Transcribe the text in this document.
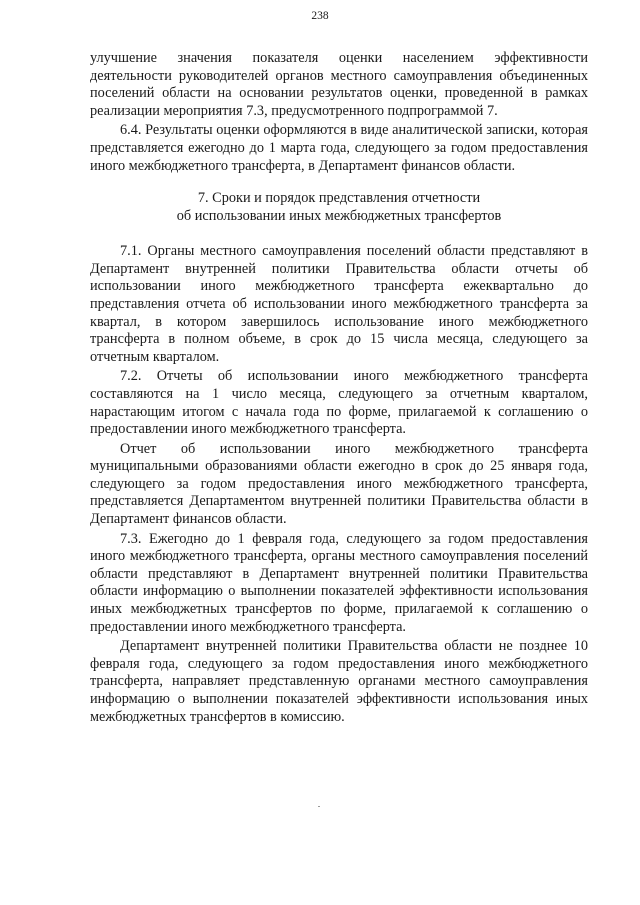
238

улучшение значения показателя оценки населением эффективности деятельности руководителей органов местного самоуправления объединенных поселений области на основании результатов оценки, проведенной в рамках реализации мероприятия 7.3, предусмотренного подпрограммой 7.

6.4. Результаты оценки оформляются в виде аналитической записки, которая представляется ежегодно до 1 марта года, следующего за годом предоставления иного межбюджетного трансферта, в Департамент финансов области.

7. Сроки и порядок представления отчетности
об использовании иных межбюджетных трансфертов

7.1. Органы местного самоуправления поселений области представляют в Департамент внутренней политики Правительства области отчеты об использовании иного межбюджетного трансферта ежеквартально до представления отчета об использовании иного межбюджетного трансферта за квартал, в котором завершилось использование иного межбюджетного трансферта в полном объеме, в срок до 15 числа месяца, следующего за отчетным кварталом.

7.2. Отчеты об использовании иного межбюджетного трансферта составляются на 1 число месяца, следующего за отчетным кварталом, нарастающим итогом с начала года по форме, прилагаемой к соглашению о предоставлении иного межбюджетного трансферта.

Отчет об использовании иного межбюджетного трансферта муниципальными образованиями области ежегодно в срок до 25 января года, следующего за годом предоставления иного межбюджетного трансферта, представляется Департаментом внутренней политики Правительства области в Департамент финансов области.

7.3. Ежегодно до 1 февраля года, следующего за годом предоставления иного межбюджетного трансферта, органы местного самоуправления поселений области представляют в Департамент внутренней политики Правительства области информацию о выполнении показателей эффективности использования иных межбюджетных трансфертов по форме, прилагаемой к соглашению о предоставлении иного межбюджетного трансферта.

Департамент внутренней политики Правительства области не позднее 10 февраля года, следующего за годом предоставления иного межбюджетного трансферта, направляет представленную органами местного самоуправления информацию о выполнении показателей эффективности использования иных межбюджетных трансфертов в комиссию.
